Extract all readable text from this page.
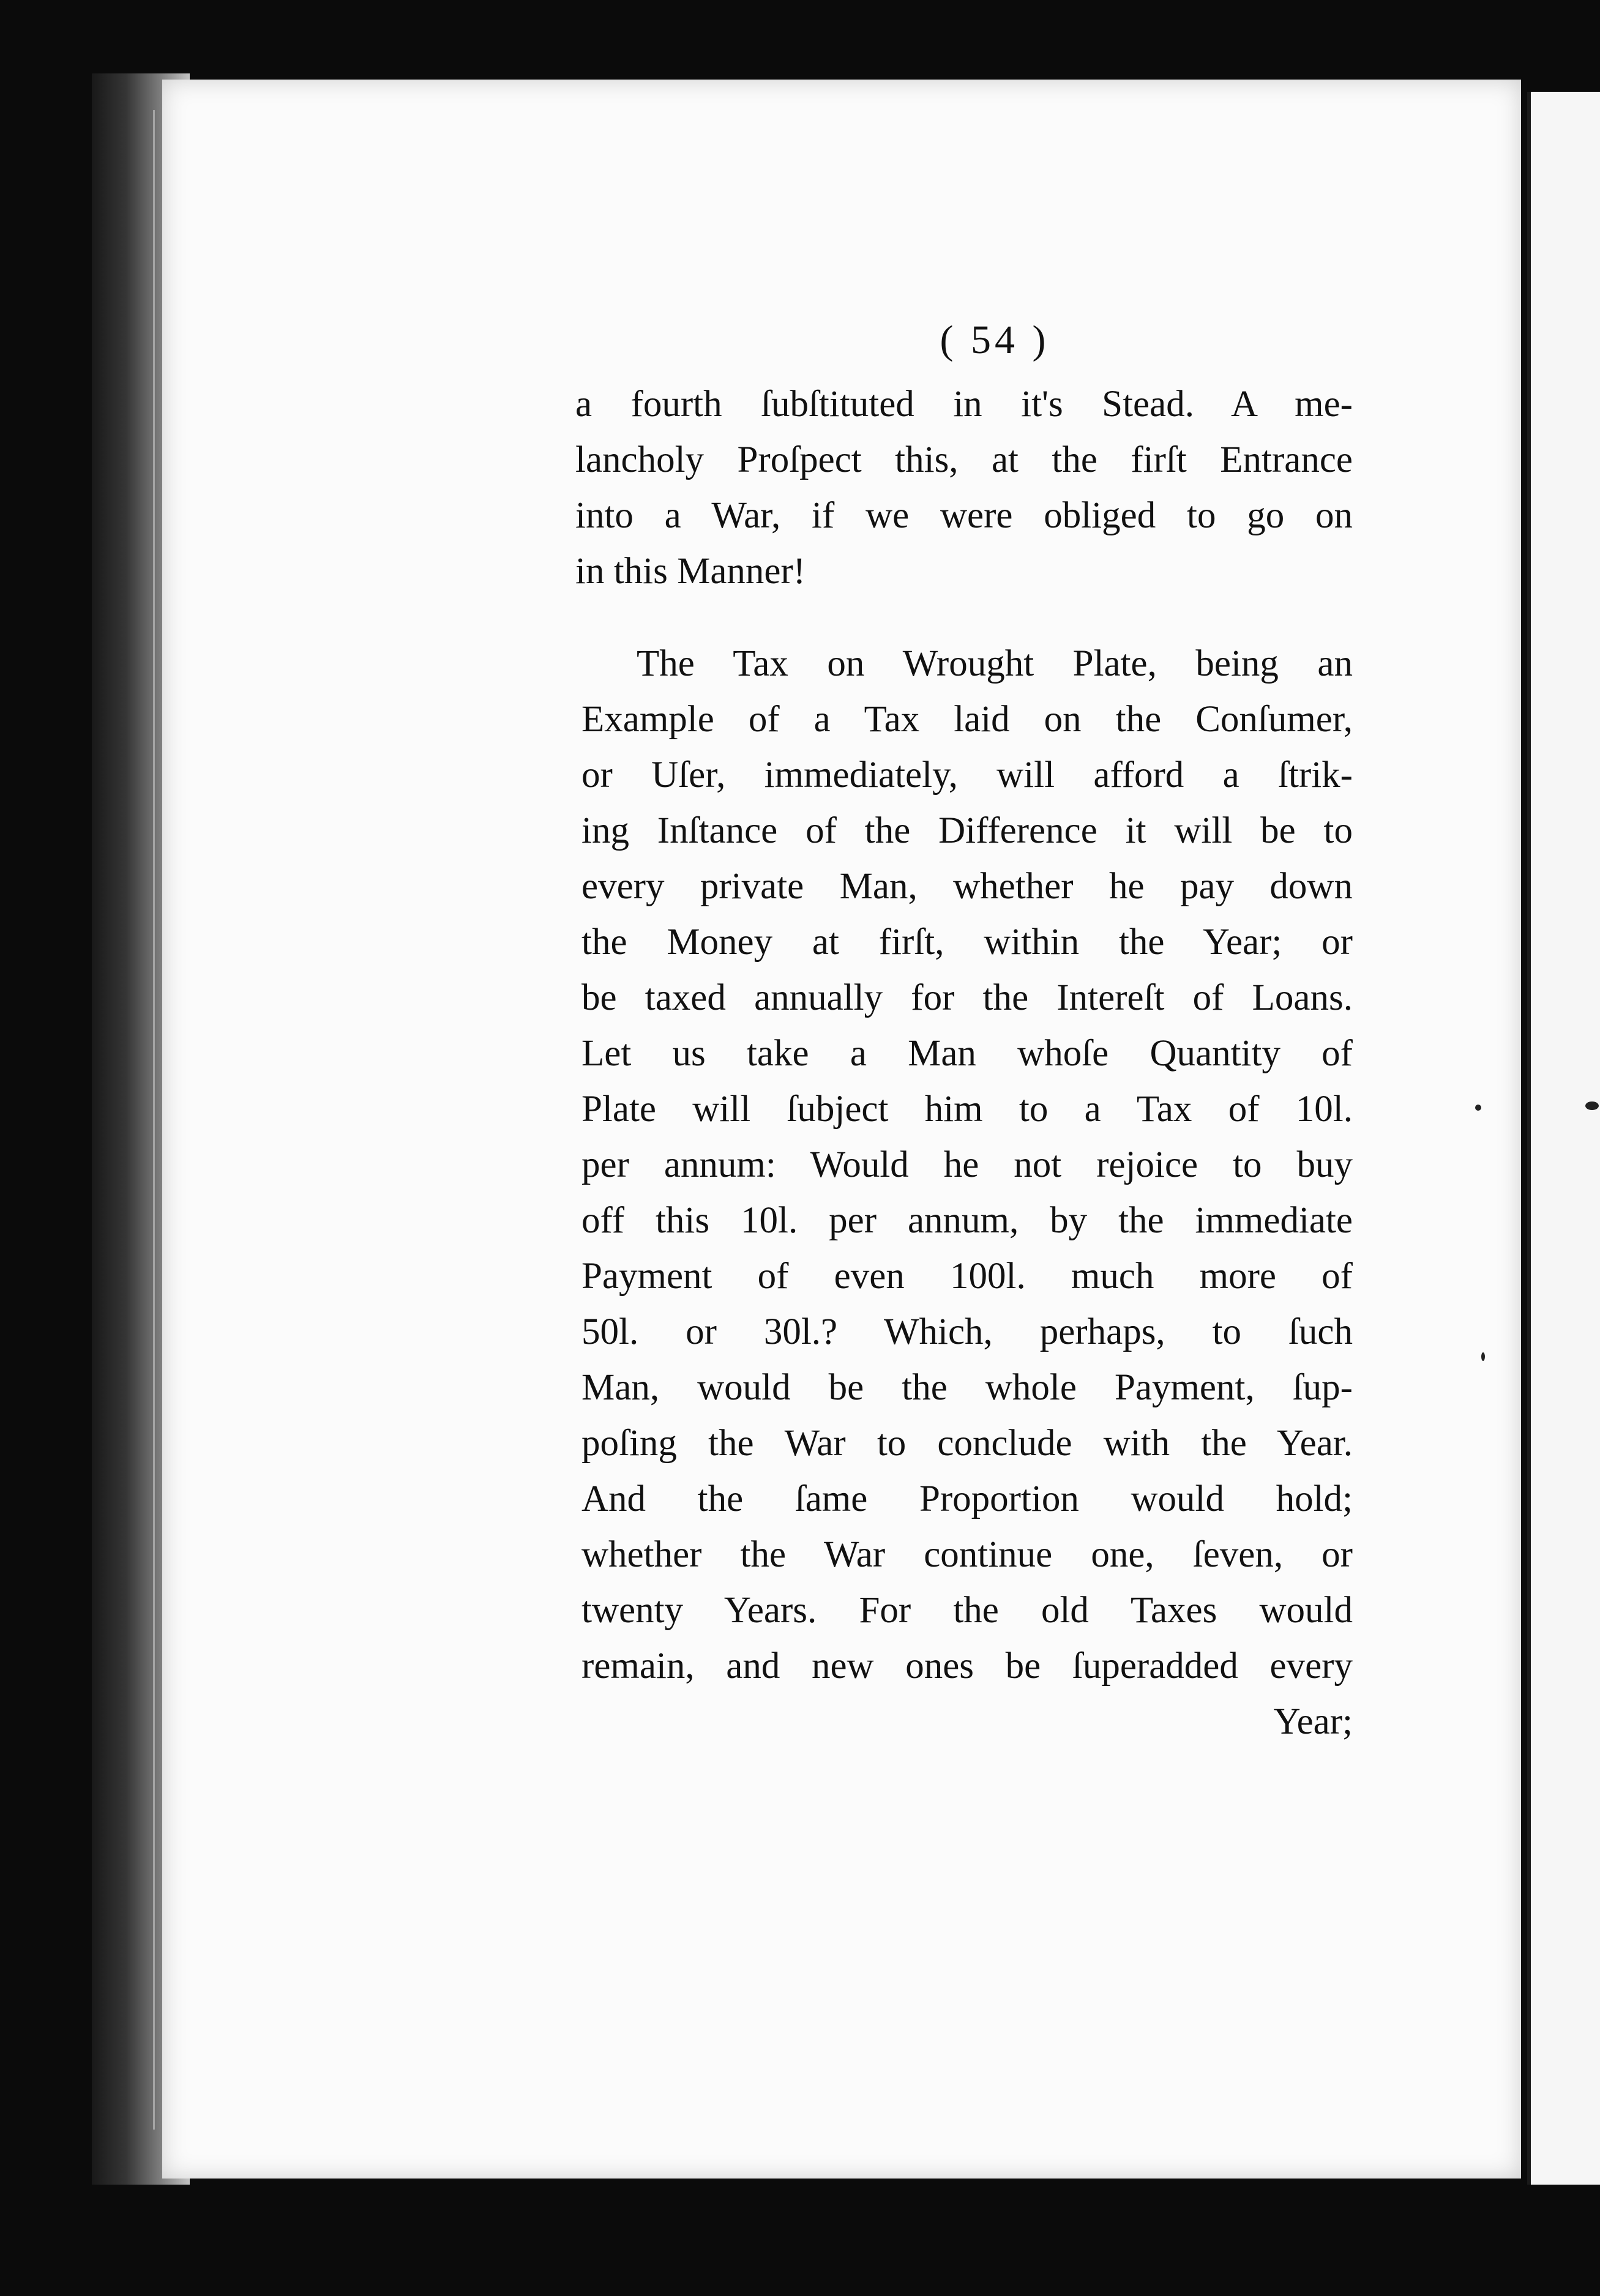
( 54 )
a fourth ſubſtituted in it's Stead. A me-
lancholy Proſpect this, at the firſt Entrance
into a War, if we were obliged to go on
in this Manner!
The Tax on Wrought Plate, being an
Example of a Tax laid on the Conſumer,
or Uſer, immediately, will afford a ſtrik-
ing Inſtance of the Difference it will be to
every private Man, whether he pay down
the Money at firſt, within the Year; or
be taxed annually for the Intereſt of Loans.
Let us take a Man whoſe Quantity of
Plate will ſubject him to a Tax of 10l.
per annum: Would he not rejoice to buy
off this 10l. per annum, by the immediate
Payment of even 100l. much more of
50l. or 30l.? Which, perhaps, to ſuch
Man, would be the whole Payment, ſup-
poſing the War to conclude with the Year.
And the ſame Proportion would hold;
whether the War continue one, ſeven, or
twenty Years. For the old Taxes would
remain, and new ones be ſuperadded every
Year;
